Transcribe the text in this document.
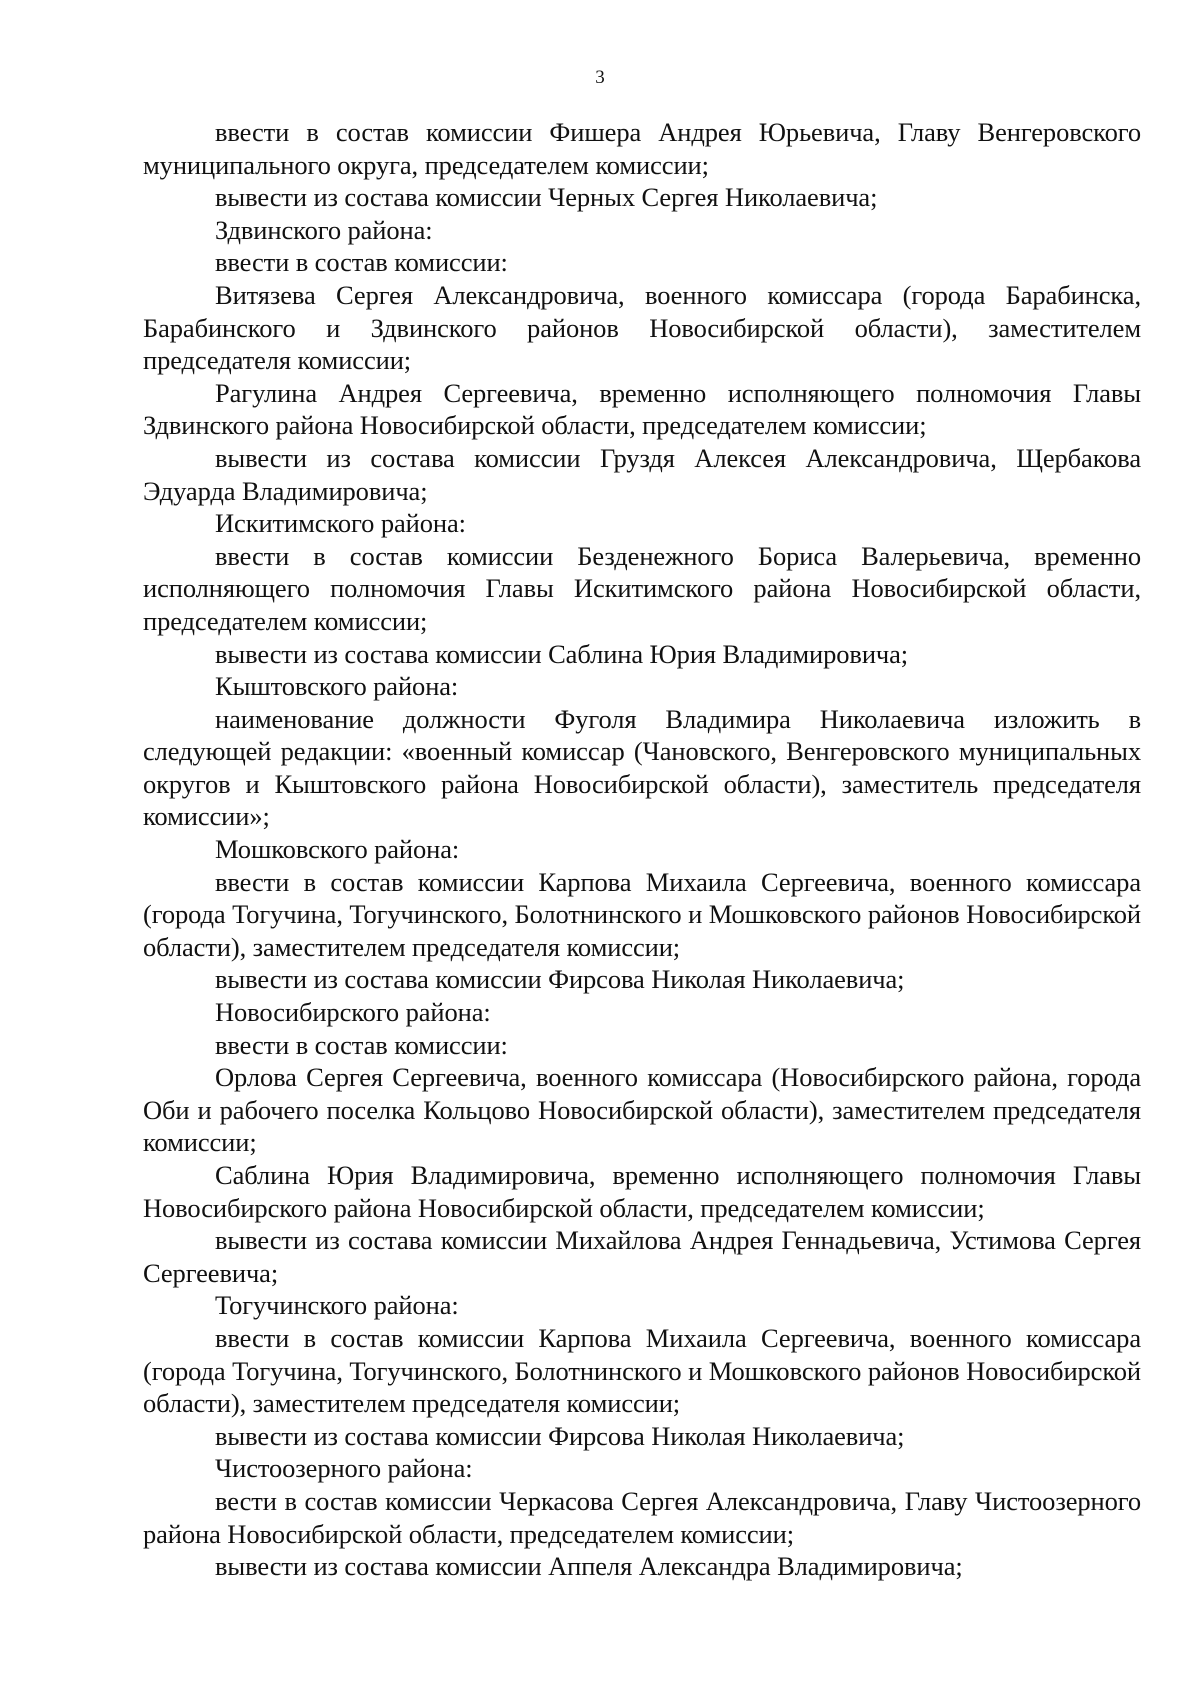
3

ввести в состав комиссии Фишера Андрея Юрьевича, Главу Венгеровского муниципального округа, председателем комиссии;

вывести из состава комиссии Черных Сергея Николаевича;

Здвинского района:

ввести в состав комиссии:

Витязева Сергея Александровича, военного комиссара (города Барабинска, Барабинского и Здвинского районов Новосибирской области), заместителем председателя комиссии;

Рагулина Андрея Сергеевича, временно исполняющего полномочия Главы Здвинского района Новосибирской области, председателем комиссии;

вывести из состава комиссии Груздя Алексея Александровича, Щербакова Эдуарда Владимировича;

Искитимского района:

ввести в состав комиссии Безденежного Бориса Валерьевича, временно исполняющего полномочия Главы Искитимского района Новосибирской области, председателем комиссии;

вывести из состава комиссии Саблина Юрия Владимировича;

Кыштовского района:

наименование должности Фуголя Владимира Николаевича изложить в следующей редакции: «военный комиссар (Чановского, Венгеровского муниципальных округов и Кыштовского района Новосибирской области), заместитель председателя комиссии»;

Мошковского района:

ввести в состав комиссии Карпова Михаила Сергеевича, военного комиссара (города Тогучина, Тогучинского, Болотнинского и Мошковского районов Новосибирской области), заместителем председателя комиссии;

вывести из состава комиссии Фирсова Николая Николаевича;

Новосибирского района:

ввести в состав комиссии:

Орлова Сергея Сергеевича, военного комиссара (Новосибирского района, города Оби и рабочего поселка Кольцово Новосибирской области), заместителем председателя комиссии;

Саблина Юрия Владимировича, временно исполняющего полномочия Главы Новосибирского района Новосибирской области, председателем комиссии;

вывести из состава комиссии Михайлова Андрея Геннадьевича, Устимова Сергея Сергеевича;

Тогучинского района:

ввести в состав комиссии Карпова Михаила Сергеевича, военного комиссара (города Тогучина, Тогучинского, Болотнинского и Мошковского районов Новосибирской области), заместителем председателя комиссии;

вывести из состава комиссии Фирсова Николая Николаевича;

Чистоозерного района:

вести в состав комиссии Черкасова Сергея Александровича, Главу Чистоозерного района Новосибирской области, председателем комиссии;

вывести из состава комиссии Аппеля Александра Владимировича;
